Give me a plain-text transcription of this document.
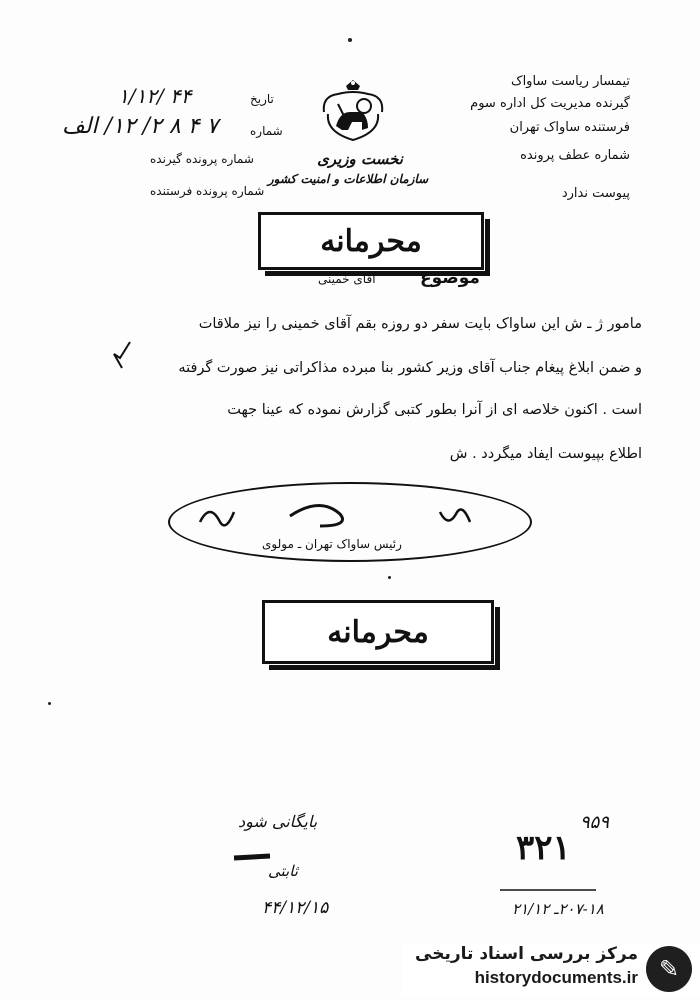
تیمسار ریاست ساواک
گیرنده مدیریت کل اداره سوم
فرستنده ساواک تهران
شماره عطف پرونده
پیوست ندارد
تاریخ
۱/۱۲/ ۴۴
شماره
۷ ۴ ۸ ۲/ ۱۲/ الف
شماره پرونده گیرنده
شماره پرونده فرستنده
نخست وزیری
سازمان اطلاعات و امنیت کشور
محرمانه
موضوع
آقای خمینی
مامور ژ ـ ش این ساواک بایت سفر دو روزه بقم آقای خمینی را نیز ملاقات
و ضمن ابلاغ پیغام جناب آقای وزیر کشور بنا مبرده مذاکراتی نیز صورت گرفته
است . اکنون خلاصه ای از آنرا بطور کتبی گزارش نموده که عینا جهت
اطلاع بپیوست ایفاد میگردد . ش
رئیس ساواک تهران ـ مولوی
محرمانه
بایگانی شود
ثابتی
۴۴/۱۲/۱۵
۳۲۱
۹۵۹
۲۰۷-۱۸ـ ۲۱/۱۲
✎
مرکز بررسی اسناد تاریخی
historydocuments.ir
